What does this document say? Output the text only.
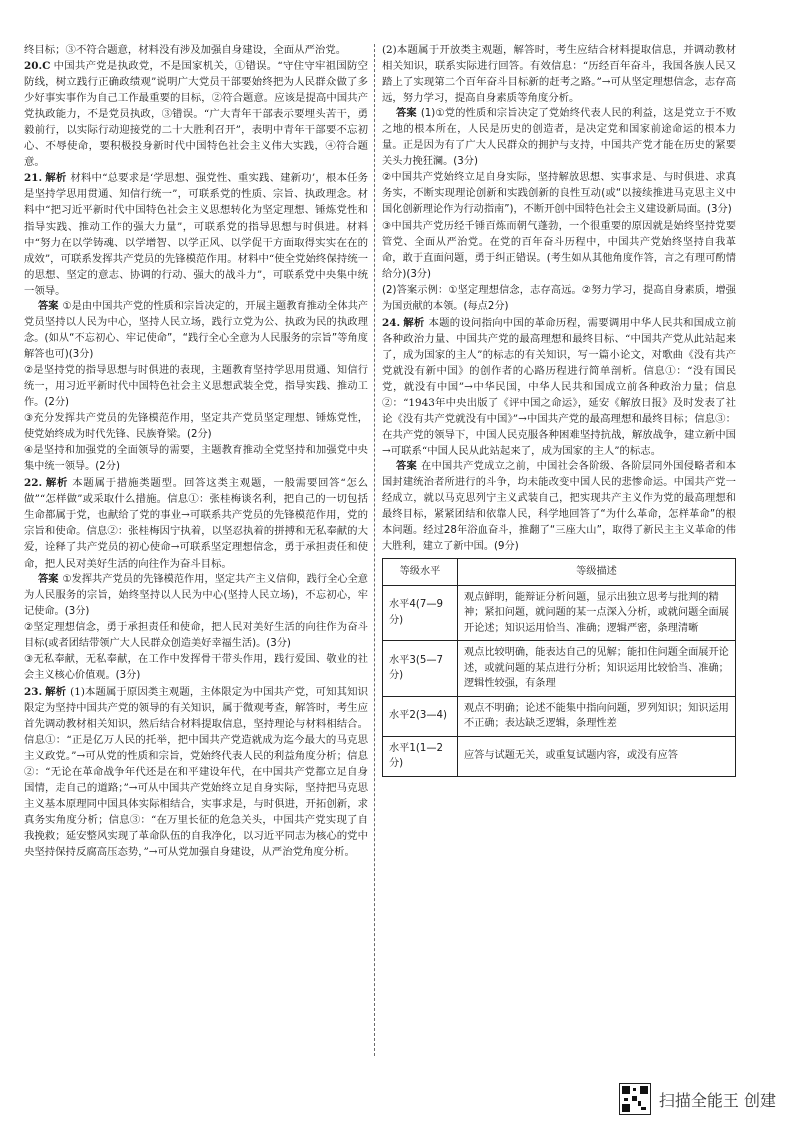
终目标；③不符合题意，材料没有涉及加强自身建设，全面从严治党。

20.C 中国共产党是执政党，不是国家机关，①错误。“守住守牢祖国防空防线，树立践行正确政绩观”说明广大党员干部要始终把为人民群众做了多少好事实事作为自己工作最重要的目标，②符合题意。应该是提高中国共产党执政能力，不是党员执政，③错误。“广大青年干部表示要埋头苦干，勇毅前行，以实际行动迎接党的二十大胜利召开”，表明中青年干部要不忘初心、不辱使命，要积极投身新时代中国特色社会主义伟大实践，④符合题意。

21. 解析 材料中“总要求是‘学思想、强党性、重实践、建新功’，根本任务是坚持学思用贯通、知信行统一”，可联系党的性质、宗旨、执政理念。材料中“把习近平新时代中国特色社会主义思想转化为坚定理想、锤炼党性和指导实践、推动工作的强大力量”，可联系党的指导思想与时俱进。材料中“努力在以学铸魂、以学增智、以学正风、以学促干方面取得实实在在的成效”，可联系发挥共产党员的先锋模范作用。材料中“使全党始终保持统一的思想、坚定的意志、协调的行动、强大的战斗力”，可联系党中央集中统一领导。

答案 ①是由中国共产党的性质和宗旨决定的，开展主题教育推动全体共产党员坚持以人民为中心，坚持人民立场，践行立党为公、执政为民的执政理念。(如从“不忘初心、牢记使命”，“践行全心全意为人民服务的宗旨”等角度解答也可)(3分)

②是坚持党的指导思想与时俱进的表现，主题教育坚持学思用贯通、知信行统一，用习近平新时代中国特色社会主义思想武装全党，指导实践、推动工作。(2分)

③充分发挥共产党员的先锋模范作用，坚定共产党员坚定理想、锤炼党性，使党始终成为时代先锋、民族脊梁。(2分)

④是坚持和加强党的全面领导的需要，主题教育推动全党坚持和加强党中央集中统一领导。(2分)

22. 解析 本题属于措施类题型。回答这类主观题，一般需要回答“怎么做”“怎样做”或采取什么措施。信息①：张桂梅谈名利，把自己的一切包括生命都属于党，也献给了党的事业→可联系共产党员的先锋模范作用，党的宗旨和使命。信息②：张桂梅因宁执着，以坚忍执着的拼搏和无私奉献的大爱，诠释了共产党员的初心使命→可联系坚定理想信念，勇于承担责任和使命，把人民对美好生活的向往作为奋斗目标。

答案 ①发挥共产党员的先锋模范作用，坚定共产主义信仰，践行全心全意为人民服务的宗旨，始终坚持以人民为中心(坚持人民立场)，不忘初心，牢记使命。(3分)

②坚定理想信念，勇于承担责任和使命，把人民对美好生活的向往作为奋斗目标(或者团结带领广大人民群众创造美好幸福生活)。(3分)

③无私奉献，无私奉献，在工作中发挥骨干带头作用，践行爱国、敬业的社会主义核心价值观。(3分)

23. 解析 (1)本题属于原因类主观题，主体限定为中国共产党，可知其知识限定为坚持中国共产党的领导的有关知识，属于微观考查，解答时，考生应首先调动教材相关知识，然后结合材料提取信息，坚持理论与材料相结合。信息①：“正是亿万人民的托举，把中国共产党造就成为迄今最大的马克思主义政党。”→可从党的性质和宗旨，党始终代表人民的利益角度分析；信息②：“无论在革命战争年代还是在和平建设年代，在中国共产党都立足自身国情，走自己的道路；”→可从中国共产党始终立足自身实际，坚持把马克思主义基本原理同中国具体实际相结合，实事求是，与时俱进，开拓创新，求真务实角度分析；信息③：“在万里长征的危急关头，中国共产党实现了自我挽救；延安整风实现了革命队伍的自我净化，以习近平同志为核心的党中央坚持保持反腐高压态势，”→可从党加强自身建设，从严治党角度分析。

(2)本题属于开放类主观题，解答时，考生应结合材料提取信息，并调动教材相关知识，联系实际进行回答。有效信息：“历经百年奋斗，我国各族人民又踏上了实现第二个百年奋斗目标新的赶考之路。”→可从坚定理想信念，志存高远，努力学习，提高自身素质等角度分析。

答案 (1)①党的性质和宗旨决定了党始终代表人民的利益，这是党立于不败之地的根本所在，人民是历史的创造者，是决定党和国家前途命运的根本力量。正是因为有了广大人民群众的拥护与支持，中国共产党才能在历史的紧要关头力挽狂澜。(3分)

②中国共产党始终立足自身实际，坚持解放思想、实事求是、与时俱进、求真务实，不断实现理论创新和实践创新的良性互动(或“以接续推进马克思主义中国化创新理论作为行动指南”)，不断开创中国特色社会主义建设新局面。(3分)

③中国共产党历经千锤百炼而朝气蓬勃，一个很重要的原因就是始终坚持党要管党、全面从严治党。在党的百年奋斗历程中，中国共产党始终坚持自我革命，敢于直面问题，勇于纠正错误。(考生如从其他角度作答，言之有理可酌情给分)(3分)

(2)答案示例：①坚定理想信念，志存高远。②努力学习，提高自身素质，增强为国贡献的本领。(每点2分)

24. 解析 本题的设问指向中国的革命历程，需要调用中华人民共和国成立前各种政治力量、中国共产党的最高理想和最终目标、“中国共产党从此站起来了，成为国家的主人”的标志的有关知识，写一篇小论文，对歌曲《没有共产党就没有新中国》的创作者的心路历程进行简单剖析。信息①：“没有国民党，就没有中国”→中华民国，中华人民共和国成立前各种政治力量；信息②：“1943年中央出版了《评中国之命运》，延安《解放日报》及时发表了社论《没有共产党就没有中国》”→中国共产党的最高理想和最终目标；信息③：在共产党的领导下，中国人民克服各种困难坚持抗战，解放战争，建立新中国→可联系“中国人民从此站起来了，成为国家的主人”的标志。

答案 在中国共产党成立之前，中国社会各阶级、各阶层同外国侵略者和本国封建统治者所进行的斗争，均未能改变中国人民的悲惨命运。中国共产党一经成立，就以马克思列宁主义武装自己，把实现共产主义作为党的最高理想和最终目标，紧紧团结和依靠人民，科学地回答了“为什么革命，怎样革命”的根本问题。经过28年浴血奋斗，推翻了“三座大山”，取得了新民主主义革命的伟大胜利，建立了新中国。(9分)

等级水平	等级描述
水平4(7—9分)	观点鲜明，能辩证分析问题，显示出独立思考与批判的精神；紧扣问题，就问题的某一点深入分析，或就问题全面展开论述；知识运用恰当、准确；逻辑严密，条理清晰
水平3(5—7分)	观点比较明确，能表达自己的见解；能扣住问题全面展开论述，或就问题的某点进行分析；知识运用比较恰当、准确；逻辑性较强，有条理
水平2(3—4)	观点不明确；论述不能集中指向问题，罗列知识；知识运用不正确；表达缺乏逻辑，条理性差
水平1(1—2分)	应答与试题无关，或重复试题内容，或没有应答
扫描全能王 创建
